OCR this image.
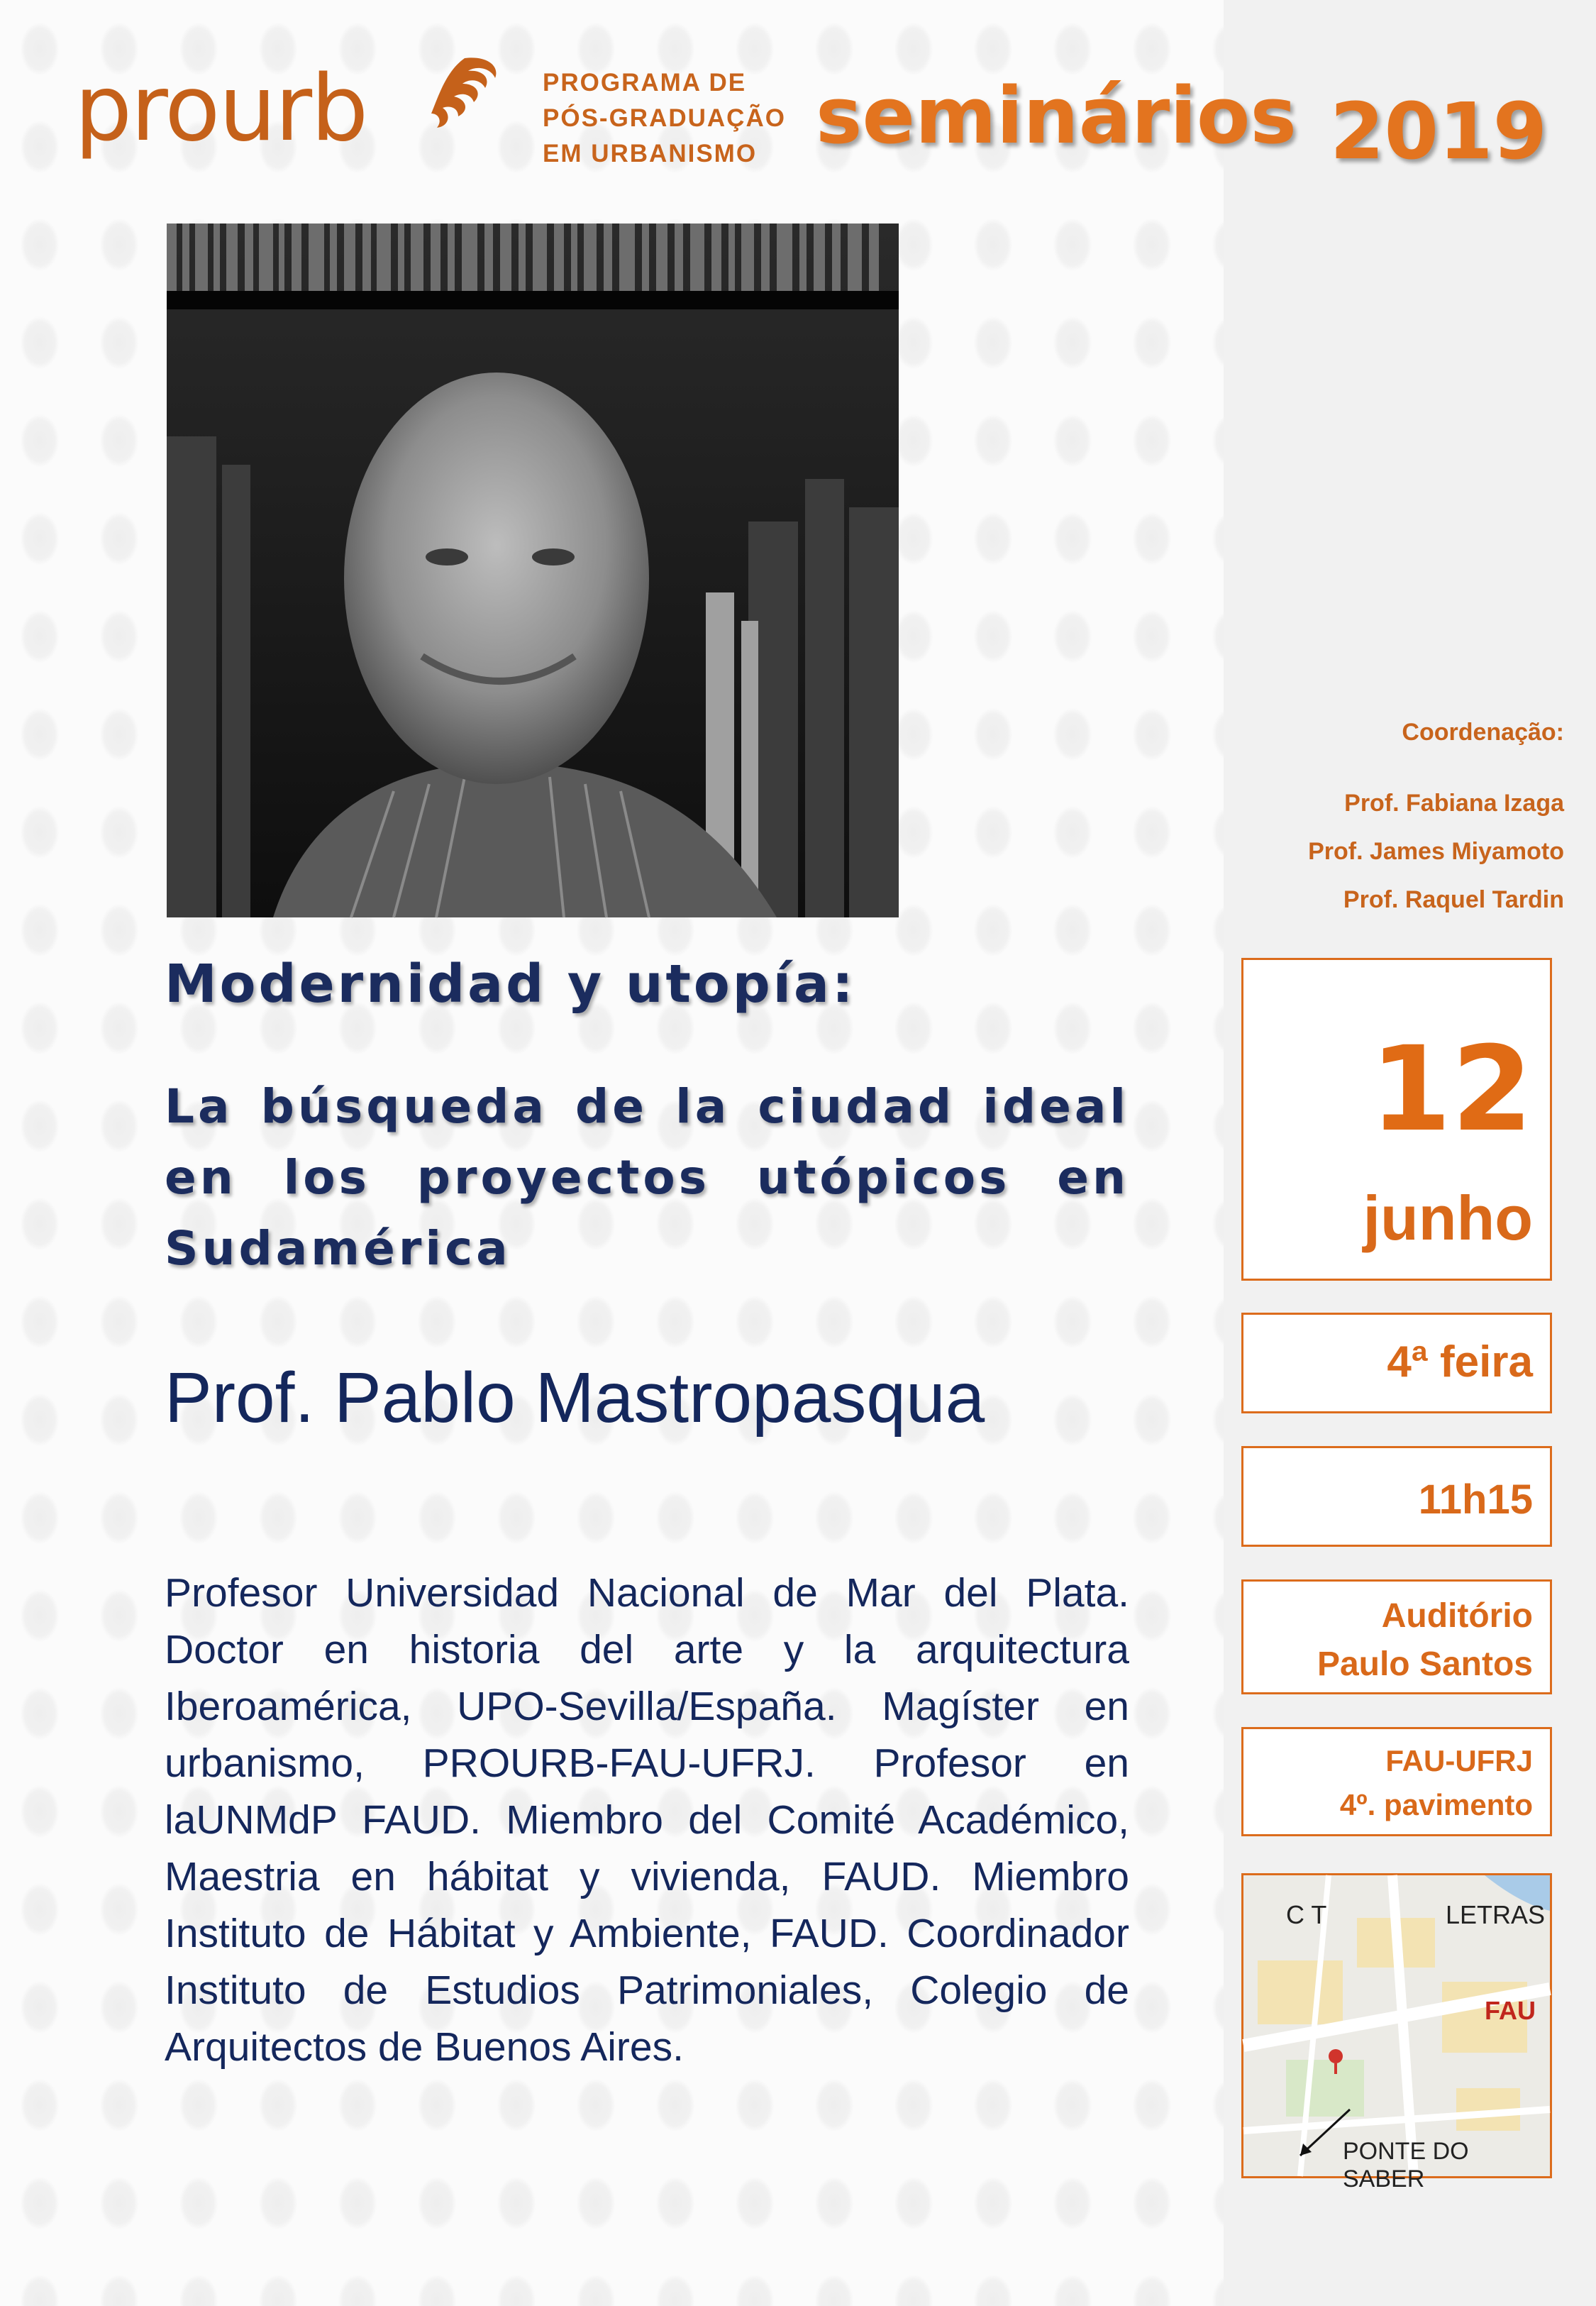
prourb	PROGRAMA DE
PÓS-GRADUAÇÃO
EM URBANISMO seminários 2019
Modernidad y utopía:
La búsqueda de la ciudad ideal en los proyectos utópicos en Sudamérica
Prof. Pablo Mastropasqua
Profesor Universidad Nacional de Mar del Plata. Doctor en historia del arte y la arquitectura Iberoamérica, UPO-Sevilla/España. Magíster en urbanismo, PROURB-FAU-UFRJ. Profesor en laUNMdP FAUD. Miembro del Comité Académico, Maestria en hábitat y vivienda, FAUD. Miembro Instituto de Hábitat y Ambiente, FAUD. Coordinador Instituto de Estudios Patrimoniales, Colegio de Arquitectos de Buenos Aires.
Coordenação:
Prof. Fabiana Izaga
Prof. James Miyamoto
Prof. Raquel Tardin
12
junho
4ª feira
11h15
Auditório
Paulo Santos
FAU-UFRJ
4º. pavimento
C T	LETRAS
FAU
PONTE DO SABER
